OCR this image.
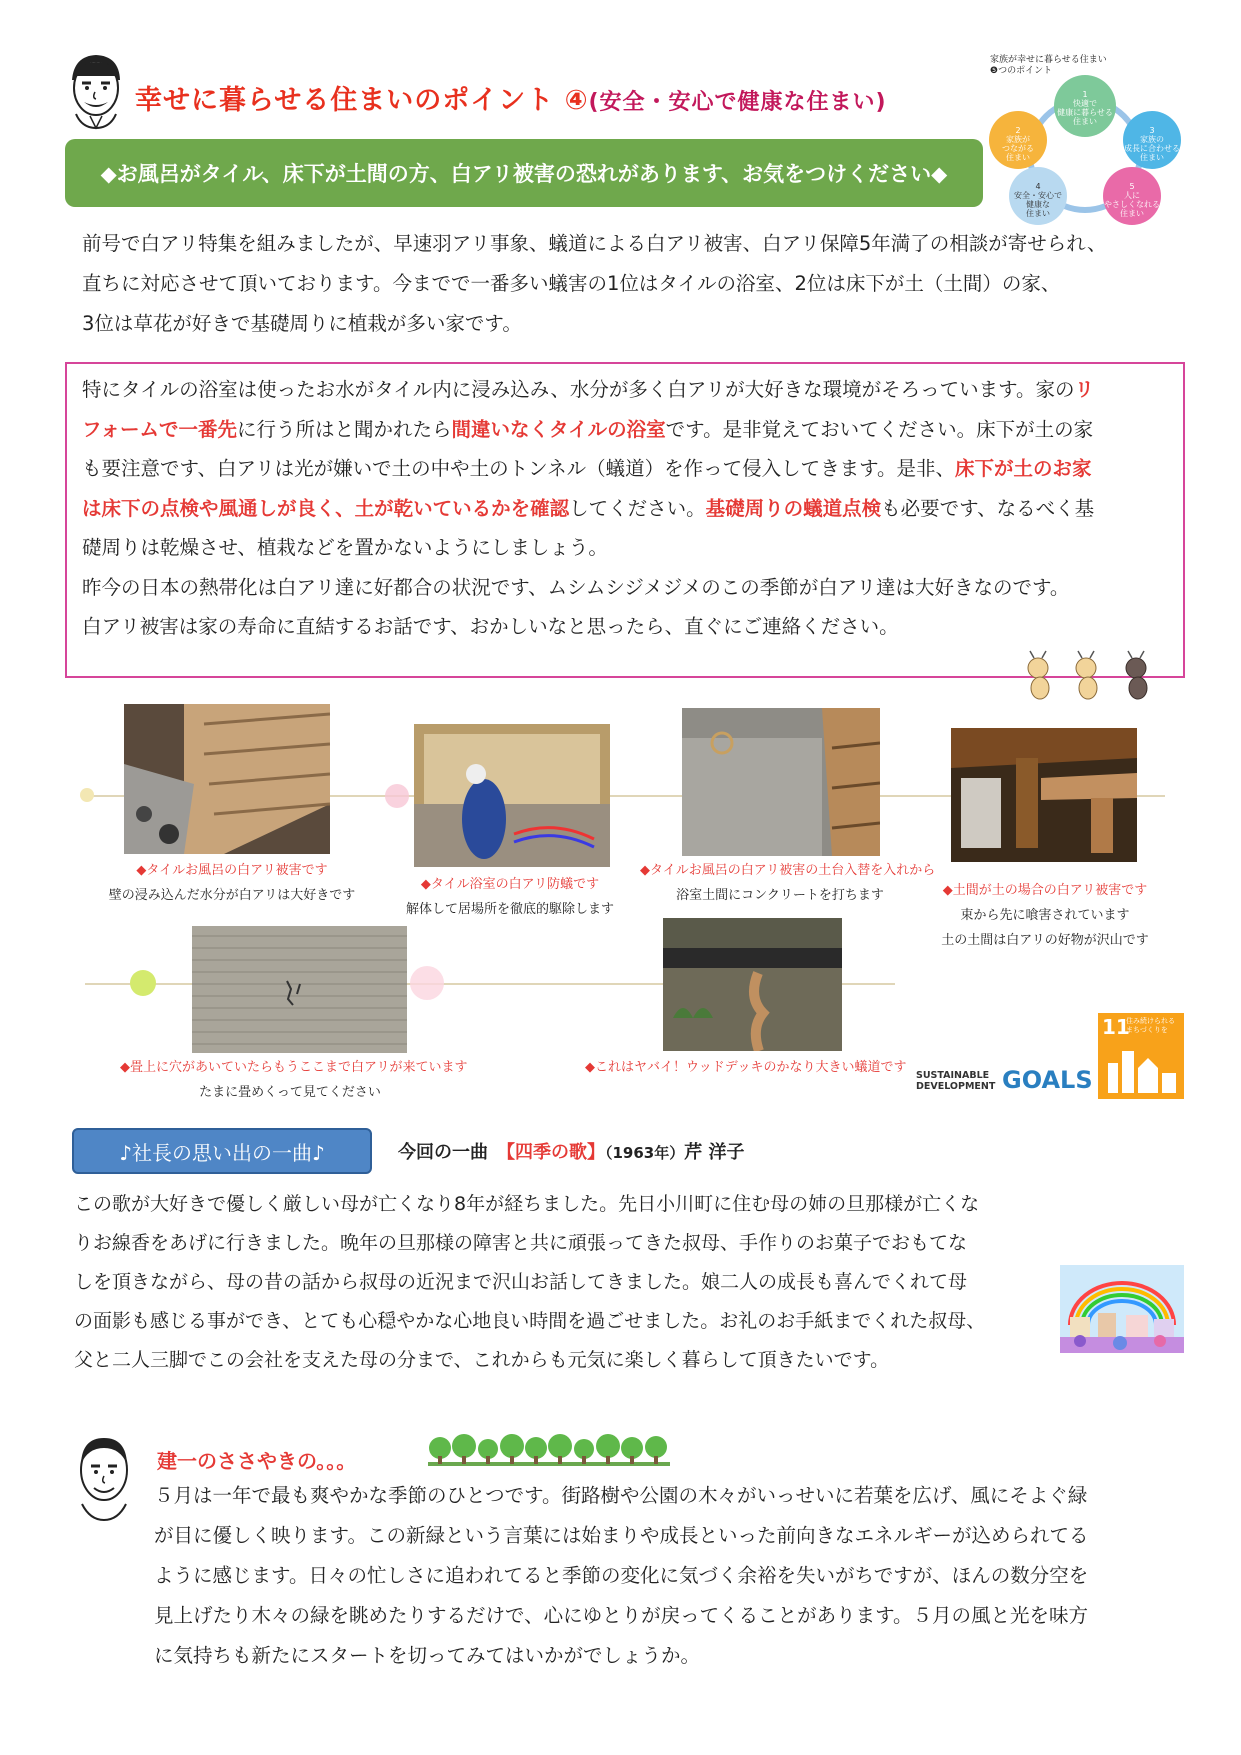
幸せに暮らせる住まいのポイント ④(安全・安心で健康な住まい)
◆お風呂がタイル、床下が土間の方、白アリ被害の恐れがあります、お気をつけください◆
家族が幸せに暮らせる住まい
❺つのポイント

1
快適で
健康に暮らせる
住まい

2
家族が
つながる
住まい

3
家族の
成長に合わせる
住まい

4
安全・安心で
健康な
住まい

5
人に
やさしくなれる
住まい

前号で白アリ特集を組みましたが、早速羽アリ事象、蟻道による白アリ被害、白アリ保障5年満了の相談が寄せられ、
直ちに対応させて頂いております。今までで一番多い蟻害の1位はタイルの浴室、2位は床下が土（土間）の家、
3位は草花が好きで基礎周りに植栽が多い家です。
特にタイルの浴室は使ったお水がタイル内に浸み込み、水分が多く白アリが大好きな環境がそろっています。家のリ
フォームで一番先に行う所はと聞かれたら間違いなくタイルの浴室です。是非覚えておいてください。床下が土の家
も要注意です、白アリは光が嫌いで土の中や土のトンネル（蟻道）を作って侵入してきます。是非、床下が土のお家
は床下の点検や風通しが良く、土が乾いているかを確認してください。基礎周りの蟻道点検も必要です、なるべく基
礎周りは乾燥させ、植栽などを置かないようにしましょう。
昨今の日本の熱帯化は白アリ達に好都合の状況です、ムシムシジメジメのこの季節が白アリ達は大好きなのです。
白アリ被害は家の寿命に直結するお話です、おかしいなと思ったら、直ぐにご連絡ください。
◆タイルお風呂の白アリ被害です
壁の浸み込んだ水分が白アリは大好きです
◆タイル浴室の白アリ防蟻です
解体して居場所を徹底的駆除します
◆タイルお風呂の白アリ被害の土台入替を入れから
浴室土間にコンクリートを打ちます	◆土間が土の場合の白アリ被害です
束から先に喰害されています
土の土間は白アリの好物が沢山です
◆畳上に穴があいていたらもうここまで白アリが来ています
たまに畳めくって見てください
◆これはヤバイ！ウッドデッキのかなり大きい蟻道です
SUSTAINABLE
DEVELOPMENT GOALS
11
住み続けられる
まちづくりを
♪社長の思い出の一曲♪	今回の一曲　 【四季の歌】（1963年）芹 洋子
この歌が大好きで優しく厳しい母が亡くなり8年が経ちました。先日小川町に住む母の姉の旦那様が亡くな
りお線香をあげに行きました。晩年の旦那様の障害と共に頑張ってきた叔母、手作りのお菓子でおもてな
しを頂きながら、母の昔の話から叔母の近況まで沢山お話してきました。娘二人の成長も喜んでくれて母
の面影も感じる事ができ、とても心穏やかな心地良い時間を過ごせました。お礼のお手紙までくれた叔母、
父と二人三脚でこの会社を支えた母の分まで、これからも元気に楽しく暮らして頂きたいです。
建一のささやきの。。。
５月は一年で最も爽やかな季節のひとつです。街路樹や公園の木々がいっせいに若葉を広げ、風にそよぐ緑
が目に優しく映ります。この新緑という言葉には始まりや成長といった前向きなエネルギーが込められてる
ように感じます。日々の忙しさに追われてると季節の変化に気づく余裕を失いがちですが、ほんの数分空を
見上げたり木々の緑を眺めたりするだけで、心にゆとりが戻ってくることがあります。５月の風と光を味方
に気持ちも新たにスタートを切ってみてはいかがでしょうか。
